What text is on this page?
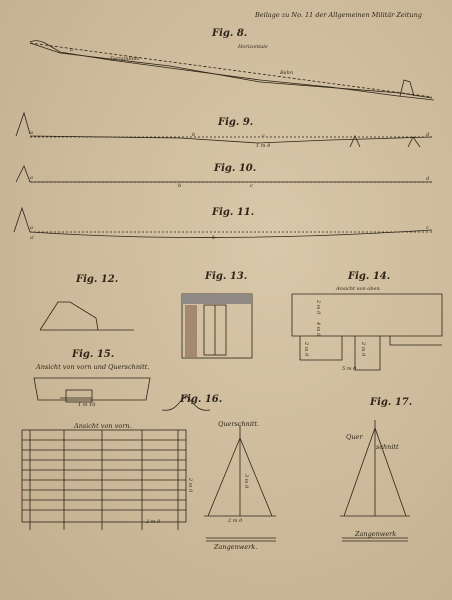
Beilage zu No. 11 der Allgemeinen Militär Zeitung
Fig. 8.
Horizontale
Terrainlinie
Bahn
a
Fig. 9.
a	b	c	d
1 m 8
Fig. 10.
a
b	c
d
Fig. 11.
a
a'	b
c
Fig. 12.	Fig. 13.	Fig. 14.
Ansicht von oben.
2 m 0
4 m 6
2 m 0	2 m 0
5 m 0
Fig. 15.
Ansicht von vorn und Querschnitt.
1 m 10	Fig. 16.
Ansicht von vorn.	Querschnitt.
2 m 0
2 m 0
3 m 0
2 m 0
Zangenwerk.
Fig. 17.
Quer
schnitt
Zangenwerk
